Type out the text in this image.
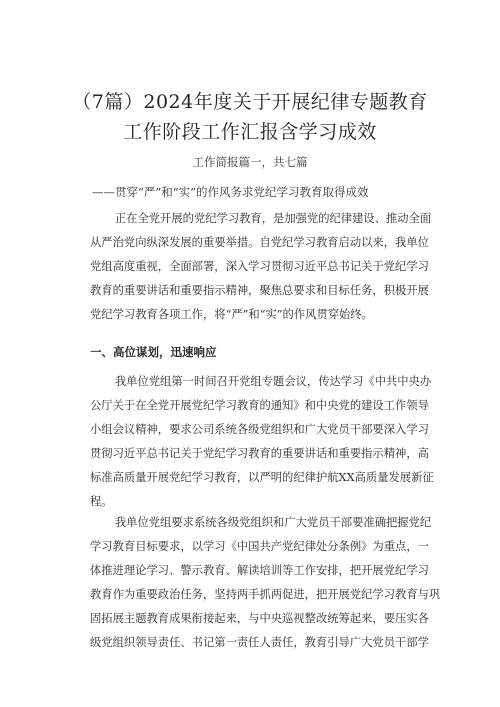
（7篇）2024年度关于开展纪律专题教育
工作阶段工作汇报含学习成效
工作简报篇一，共七篇
——贯穿“严”和“实”的作风务求党纪学习教育取得成效
正在全党开展的党纪学习教育，是加强党的纪律建设、推动全面
从严治党向纵深发展的重要举措。自党纪学习教育启动以来，我单位
党组高度重视，全面部署，深入学习贯彻习近平总书记关于党纪学习
教育的重要讲话和重要指示精神，聚焦总要求和目标任务，积极开展
党纪学习教育各项工作，将“严”和“实”的作风贯穿始终。
一、高位谋划，迅速响应
我单位党组第一时间召开党组专题会议，传达学习《中共中央办
公厅关于在全党开展党纪学习教育的通知》和中央党的建设工作领导
小组会议精神，要求公司系统各级党组织和广大党员干部要深入学习
贯彻习近平总书记关于党纪学习教育的重要讲话和重要指示精神，高
标准高质量开展党纪学习教育，以严明的纪律护航XX高质量发展新征
程。
我单位党组要求系统各级党组织和广大党员干部要准确把握党纪
学习教育目标要求，以学习《中国共产党纪律处分条例》为重点，一
体推进理论学习、警示教育、解读培训等工作安排，把开展党纪学习
教育作为重要政治任务，坚持两手抓两促进，把开展党纪学习教育与巩
固拓展主题教育成果衔接起来，与中央巡视整改统筹起来，要压实各
级党组织领导责任、书记第一责任人责任，教育引导广大党员干部学
